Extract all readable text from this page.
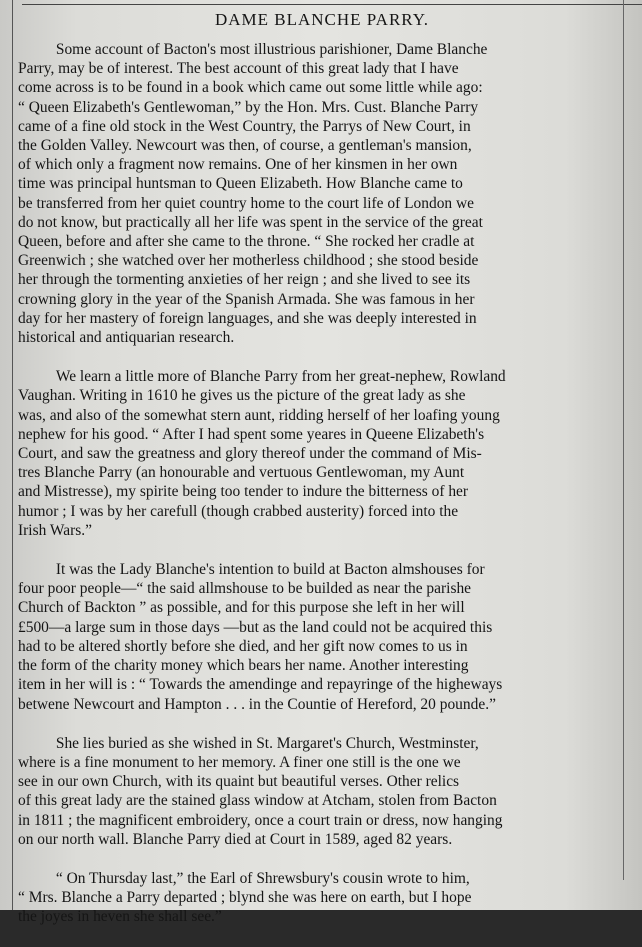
DAME BLANCHE PARRY.
Some account of Bacton's most illustrious parishioner, Dame Blanche
Parry, may be of interest. The best account of this great lady that I have
come across is to be found in a book which came out some little while ago:
“ Queen Elizabeth's Gentlewoman,” by the Hon. Mrs. Cust. Blanche Parry
came of a fine old stock in the West Country, the Parrys of New Court, in
the Golden Valley. Newcourt was then, of course, a gentleman's mansion,
of which only a fragment now remains. One of her kinsmen in her own
time was principal huntsman to Queen Elizabeth. How Blanche came to
be transferred from her quiet country home to the court life of London we
do not know, but practically all her life was spent in the service of the great
Queen, before and after she came to the throne. “ She rocked her cradle at
Greenwich ; she watched over her motherless childhood ; she stood beside
her through the tormenting anxieties of her reign ; and she lived to see its
crowning glory in the year of the Spanish Armada. She was famous in her
day for her mastery of foreign languages, and she was deeply interested in
historical and antiquarian research.
We learn a little more of Blanche Parry from her great-nephew, Rowland
Vaughan. Writing in 1610 he gives us the picture of the great lady as she
was, and also of the somewhat stern aunt, ridding herself of her loafing young
nephew for his good. “ After I had spent some yeares in Queene Elizabeth's
Court, and saw the greatness and glory thereof under the command of Mis-
tres Blanche Parry (an honourable and vertuous Gentlewoman, my Aunt
and Mistresse), my spirite being too tender to indure the bitterness of her
humor ; I was by her carefull (though crabbed austerity) forced into the
Irish Wars.”
It was the Lady Blanche's intention to build at Bacton almshouses for
four poor people—“ the said allmshouse to be builded as near the parishe
Church of Backton ” as possible, and for this purpose she left in her will
£500—a large sum in those days —but as the land could not be acquired this
had to be altered shortly before she died, and her gift now comes to us in
the form of the charity money which bears her name. Another interesting
item in her will is : “ Towards the amendinge and repayringe of the higheways
betwene Newcourt and Hampton . . . in the Countie of Hereford, 20 pounde.”
She lies buried as she wished in St. Margaret's Church, Westminster,
where is a fine monument to her memory. A finer one still is the one we
see in our own Church, with its quaint but beautiful verses. Other relics
of this great lady are the stained glass window at Atcham, stolen from Bacton
in 1811 ; the magnificent embroidery, once a court train or dress, now hanging
on our north wall. Blanche Parry died at Court in 1589, aged 82 years.
“ On Thursday last,” the Earl of Shrewsbury's cousin wrote to him,
“ Mrs. Blanche a Parry departed ; blynd she was here on earth, but I hope
the joyes in heven she shall see.”
